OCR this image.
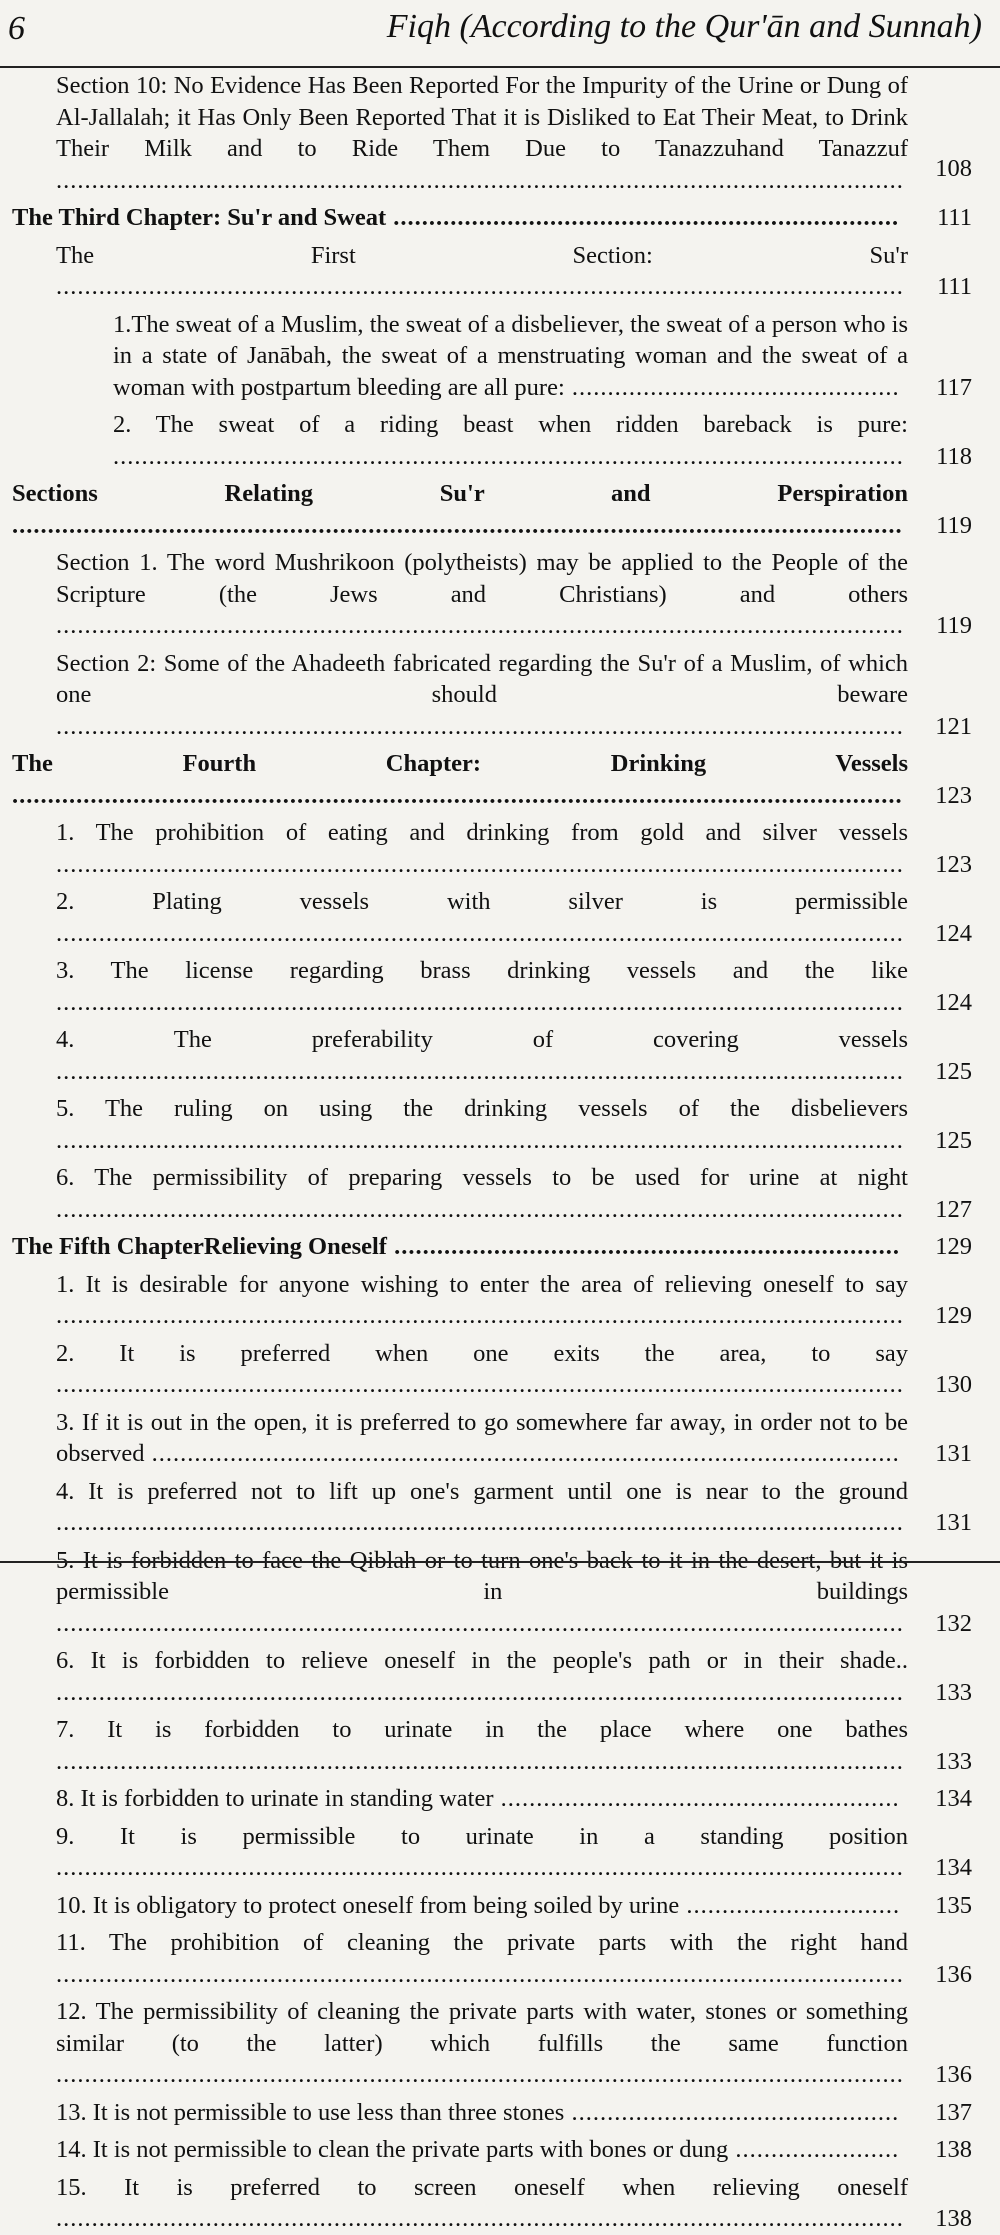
6	Fiqh (According to the Qur'ān and Sunnah)
Section 10: No Evidence Has Been Reported For the Impurity of the Urine or Dung of Al-Jallalah; it Has Only Been Reported That it is Disliked to Eat Their Meat, to Drink Their Milk and to Ride Them Due to Tanazzuhand Tanazzuf ....................................................................................................................... 108
The Third Chapter: Su'r and Sweat .......................................................................	111
The First Section: Su'r ....................................................................................................................... 111
1.The sweat of a Muslim, the sweat of a disbeliever, the sweat of a person who is in a state of Janābah, the sweat of a menstruating woman and the sweat of a woman with postpartum bleeding are all pure: ..............................................	117
2. The sweat of a riding beast when ridden bareback is pure: ............................................................................................................... 118
Sections Relating Su'r and Perspiration ............................................................................................................................. 119
Section 1. The word Mushrikoon (polytheists) may be applied to the People of the Scripture (the Jews and Christians) and others ....................................................................................................................... 119
Section 2: Some of the Ahadeeth fabricated regarding the Su'r of a Muslim, of which one should beware ....................................................................................................................... 121
The Fourth Chapter: Drinking Vessels ............................................................................................................................. 123
1. The prohibition of eating and drinking from gold and silver vessels ....................................................................................................................... 123
2. Plating vessels with silver is permissible ....................................................................................................................... 124
3. The license regarding brass drinking vessels and the like ....................................................................................................................... 124
4. The preferability of covering vessels ....................................................................................................................... 125
5. The ruling on using the drinking vessels of the disbelievers ....................................................................................................................... 125
6. The permissibility of preparing vessels to be used for urine at night ....................................................................................................................... 127
The Fifth ChapterRelieving Oneself .......................................................................	129
1. It is desirable for anyone wishing to enter the area of relieving oneself to say ....................................................................................................................... 129
2. It is preferred when one exits the area, to say ....................................................................................................................... 130
3. If it is out in the open, it is preferred to go somewhere far away, in order not to be observed .........................................................................................................	131
4. It is preferred not to lift up one's garment until one is near to the ground ....................................................................................................................... 131
5. It is forbidden to face the Qiblah or to turn one's back to it in the desert, but it is permissible in buildings ....................................................................................................................... 132
6. It is forbidden to relieve oneself in the people's path or in their shade.. ....................................................................................................................... 133
7. It is forbidden to urinate in the place where one bathes ....................................................................................................................... 133
8. It is forbidden to urinate in standing water ........................................................	134
9. It is permissible to urinate in a standing position ....................................................................................................................... 134
10. It is obligatory to protect oneself from being soiled by urine ..............................	135
11. The prohibition of cleaning the private parts with the right hand ....................................................................................................................... 136
12. The permissibility of cleaning the private parts with water, stones or something similar (to the latter) which fulfills the same function ....................................................................................................................... 136
13. It is not permissible to use less than three stones ..............................................	137
14. It is not permissible to clean the private parts with bones or dung .......................	138
15. It is preferred to screen oneself when relieving oneself ....................................................................................................................... 138
